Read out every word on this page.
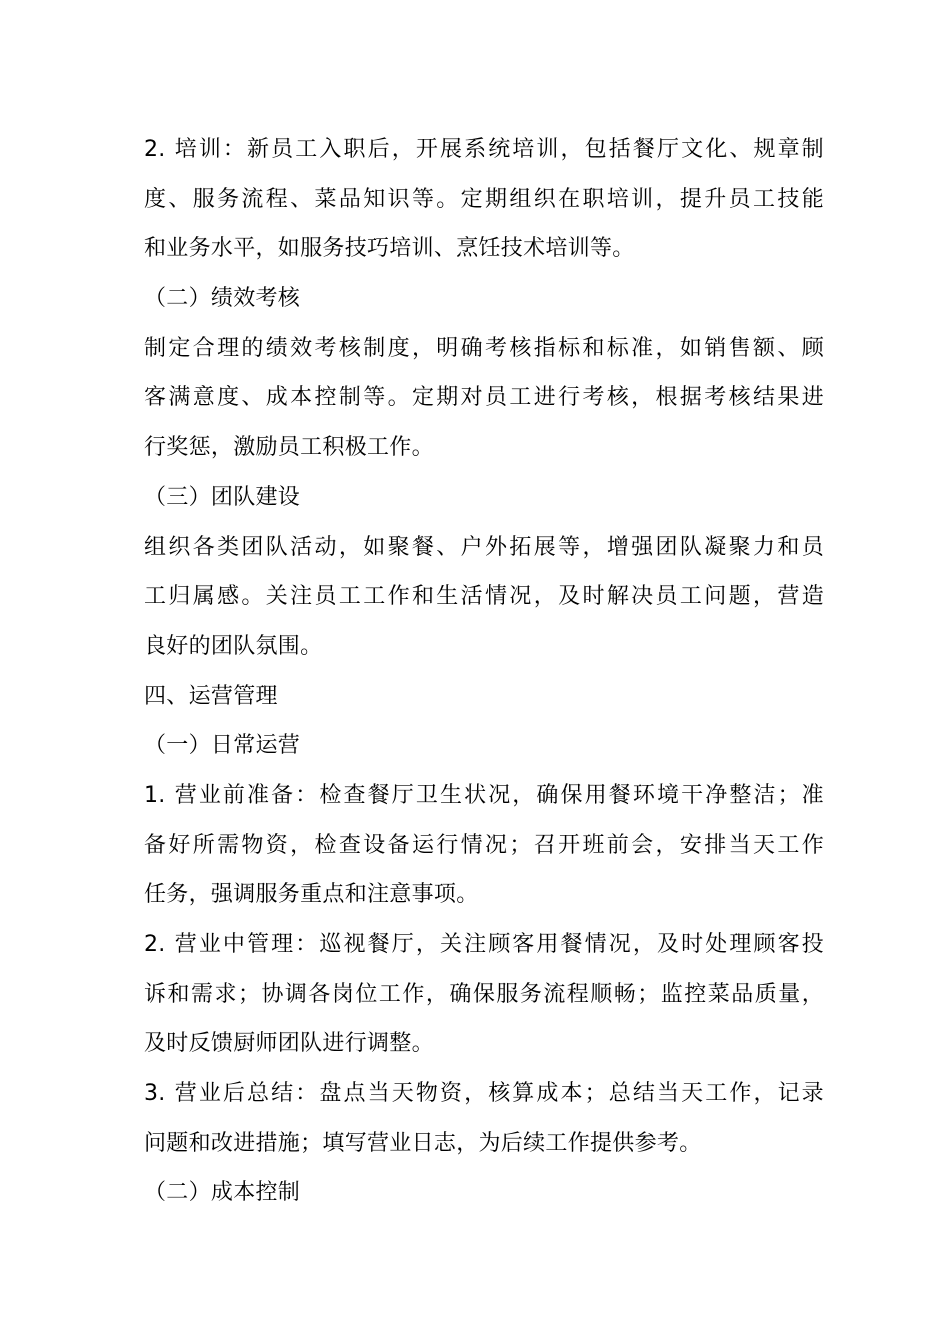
2. 培训：新员工入职后，开展系统培训，包括餐厅文化、规章制
度、服务流程、菜品知识等。定期组织在职培训，提升员工技能
和业务水平，如服务技巧培训、烹饪技术培训等。
（二）绩效考核
制定合理的绩效考核制度，明确考核指标和标准，如销售额、顾
客满意度、成本控制等。定期对员工进行考核，根据考核结果进
行奖惩，激励员工积极工作。
（三）团队建设
组织各类团队活动，如聚餐、户外拓展等，增强团队凝聚力和员
工归属感。关注员工工作和生活情况，及时解决员工问题，营造
良好的团队氛围。
四、运营管理
（一）日常运营
1. 营业前准备：检查餐厅卫生状况，确保用餐环境干净整洁；准
备好所需物资，检查设备运行情况；召开班前会，安排当天工作
任务，强调服务重点和注意事项。
2. 营业中管理：巡视餐厅，关注顾客用餐情况，及时处理顾客投
诉和需求；协调各岗位工作，确保服务流程顺畅；监控菜品质量，
及时反馈厨师团队进行调整。
3. 营业后总结：盘点当天物资，核算成本；总结当天工作，记录
问题和改进措施；填写营业日志，为后续工作提供参考。
（二）成本控制
